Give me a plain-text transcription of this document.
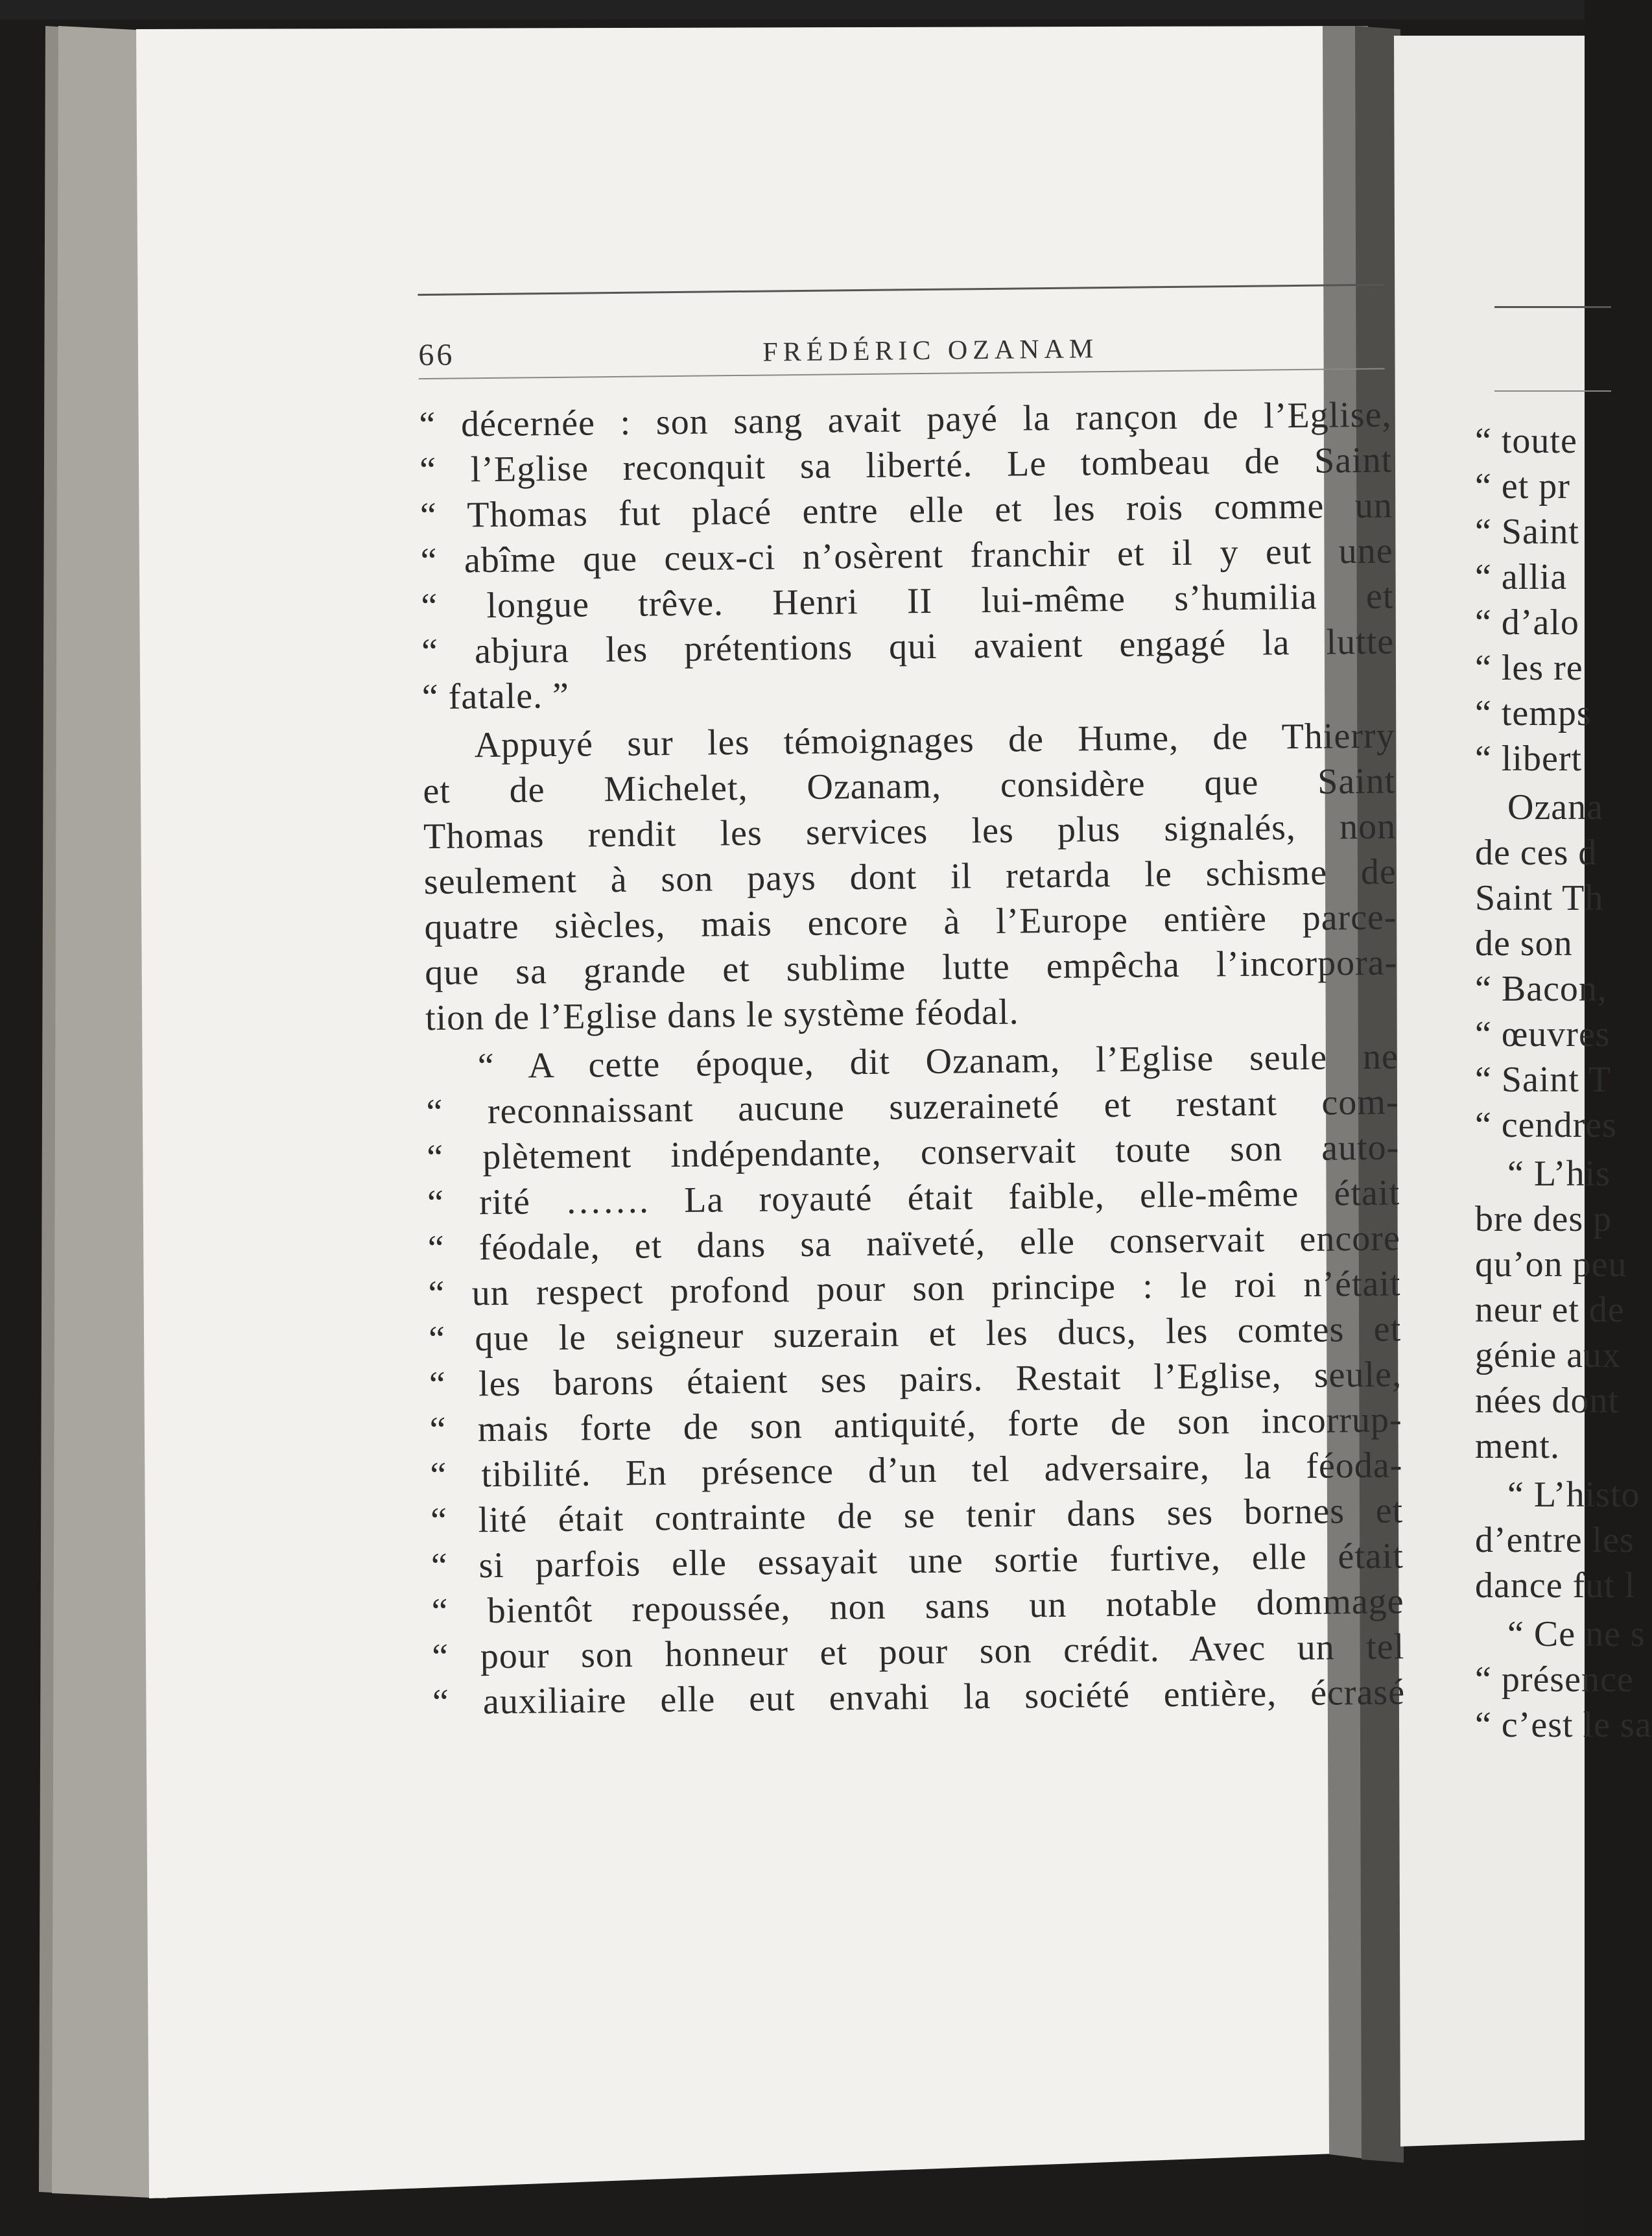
66	FRÉDÉRIC OZANAM
“ décernée : son sang avait payé la rançon de l’Eglise,
“ l’Eglise reconquit sa liberté. Le tombeau de Saint
“ Thomas fut placé entre elle et les rois comme un
“ abîme que ceux-ci n’osèrent franchir et il y eut une
“ longue trêve. Henri II lui-même s’humilia et
“ abjura les prétentions qui avaient engagé la lutte
“ fatale. ”
Appuyé sur les témoignages de Hume, de Thierry
et de Michelet, Ozanam, considère que Saint
Thomas rendit les services les plus signalés, non
seulement à son pays dont il retarda le schisme de
quatre siècles, mais encore à l’Europe entière parce-
que sa grande et sublime lutte empêcha l’incorpora-
tion de l’Eglise dans le système féodal.
“ A cette époque, dit Ozanam, l’Eglise seule ne
“ reconnaissant aucune suzeraineté et restant com-
“ plètement indépendante, conservait toute son auto-
“ rité ……. La royauté était faible, elle-même était
“ féodale, et dans sa naïveté, elle conservait encore
“ un respect profond pour son principe : le roi n’était
“ que le seigneur suzerain et les ducs, les comtes et
“ les barons étaient ses pairs. Restait l’Eglise, seule,
“ mais forte de son antiquité, forte de son incorrup-
“ tibilité. En présence d’un tel adversaire, la féoda-
“ lité était contrainte de se tenir dans ses bornes et
“ si parfois elle essayait une sortie furtive, elle était
“ bientôt repoussée, non sans un notable dommage
“ pour son honneur et pour son crédit. Avec un tel
“ auxiliaire elle eut envahi la société entière, écrasé
“ toute
“ et pr
“ Saint
“ allia
“ d’alo
“ les re
“ temps
“ libert
Ozana
de ces d
Saint Th
de son
“ Bacon,
“ œuvres
“ Saint T
“ cendres
“ L’his
bre des p
qu’on peu
neur et de
génie aux
nées dont
ment.
“ L’histo
d’entre les
dance fut l
“ Ce ne s
“ présence
“ c’est le sa
